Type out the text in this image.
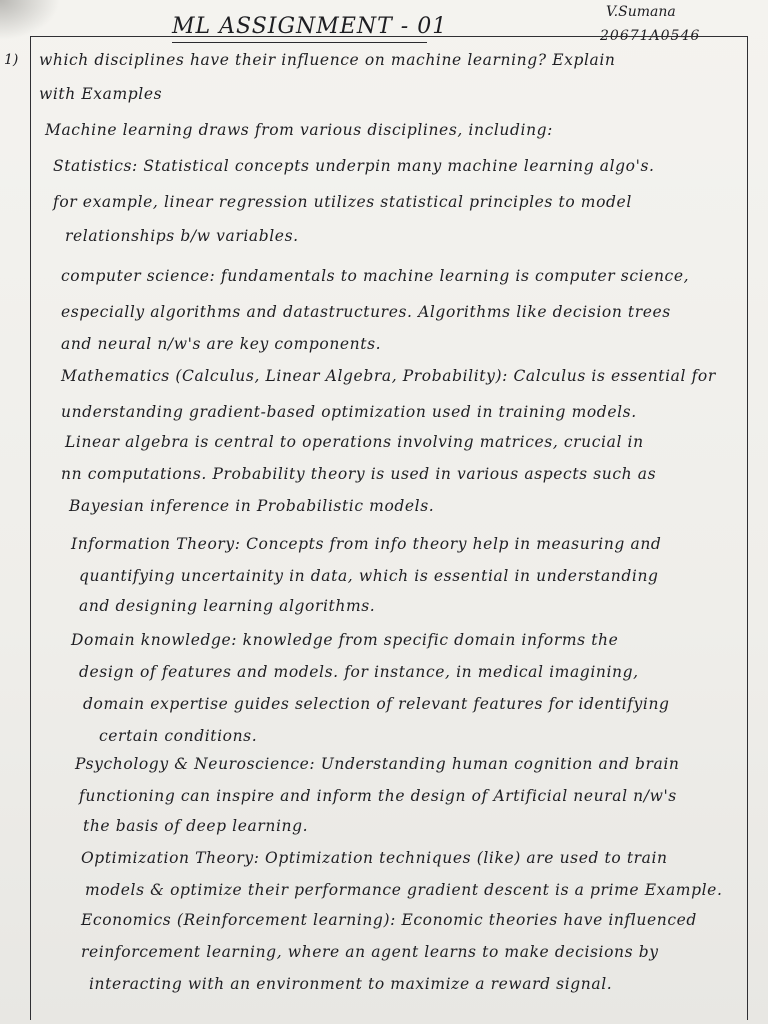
ML ASSIGNMENT - 01
V.Sumana
20671A0546
1) which disciplines have their influence on machine learning? Explain
with Examples
Machine learning draws from various disciplines, including:
Statistics: Statistical concepts underpin many machine learning algo's.
for example, linear regression utilizes statistical principles to model
relationships b/w variables.
computer science: fundamentals to machine learning is computer science,
especially algorithms and datastructures. Algorithms like decision trees
and neural n/w's are key components.
Mathematics (Calculus, Linear Algebra, Probability): Calculus is essential for
understanding gradient-based optimization used in training models.
Linear algebra is central to operations involving matrices, crucial in
nn computations. Probability theory is used in various aspects such as
Bayesian inference in Probabilistic models.
Information Theory: Concepts from info theory help in measuring and
quantifying uncertainity in data, which is essential in understanding
and designing learning algorithms.
Domain knowledge: knowledge from specific domain informs the
design of features and models. for instance, in medical imagining,
domain expertise guides selection of relevant features for identifying
certain conditions.
Psychology & Neuroscience: Understanding human cognition and brain
functioning can inspire and inform the design of Artificial neural n/w's
the basis of deep learning.
Optimization Theory: Optimization techniques (like) are used to train
models & optimize their performance gradient descent is a prime Example.
Economics (Reinforcement learning): Economic theories have influenced
reinforcement learning, where an agent learns to make decisions by
interacting with an environment to maximize a reward signal.
